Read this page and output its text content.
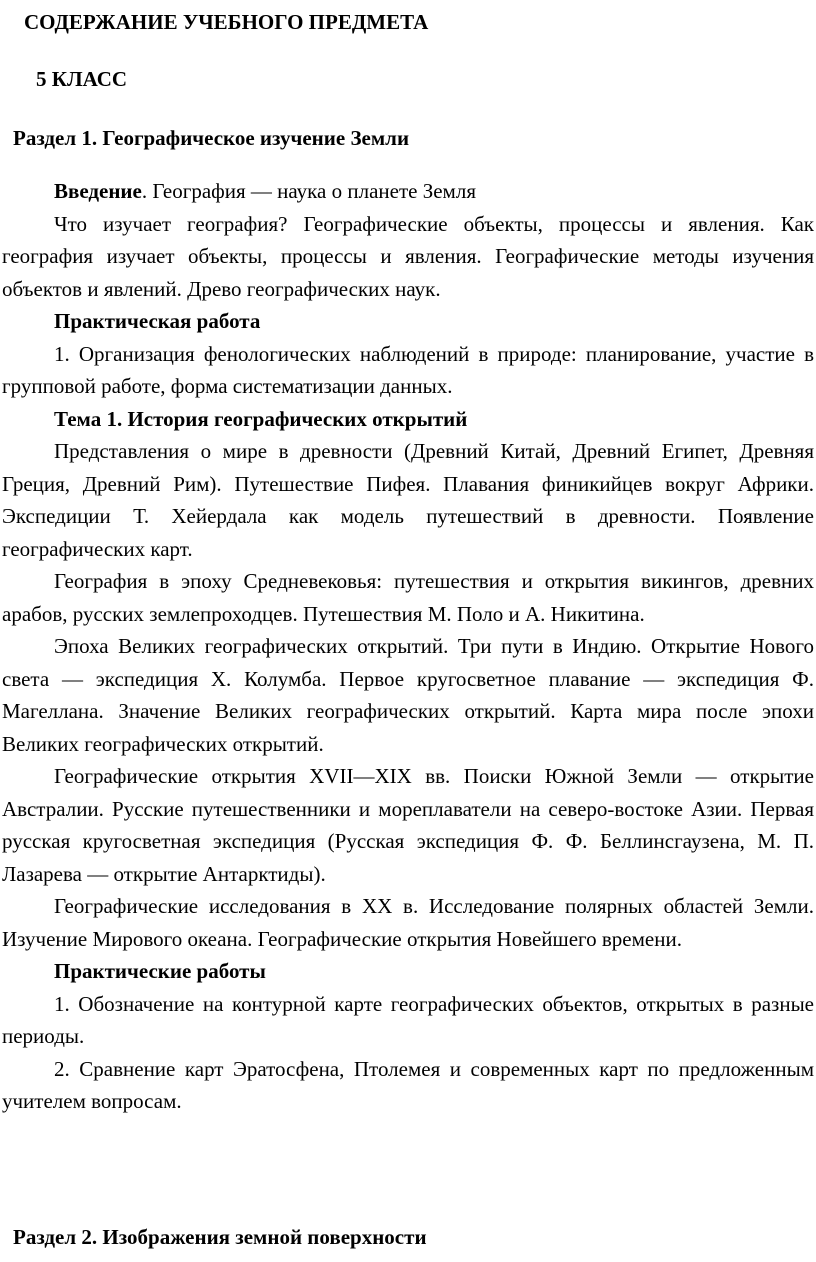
СОДЕРЖАНИЕ УЧЕБНОГО ПРЕДМЕТА
5 КЛАСС
Раздел 1. Географическое изучение Земли

Введение. География — наука о планете Земля

Что изучает география? Географические объекты, процессы и явления. Как география изучает объекты, процессы и явления. Географические методы изучения объектов и явлений. Древо географических наук.

Практическая работа

1. Организация фенологических наблюдений в природе: планирование, участие в групповой работе, форма систематизации данных.

Тема 1. История географических открытий

Представления о мире в древности (Древний Китай, Древний Египет, Древняя Греция, Древний Рим). Путешествие Пифея. Плавания финикийцев вокруг Африки. Экспедиции Т. Хейердала как модель путешествий в древности. Появление географических карт.

География в эпоху Средневековья: путешествия и открытия викингов, древних арабов, русских землепроходцев. Путешествия М. Поло и А. Никитина.

Эпоха Великих географических открытий. Три пути в Индию. Открытие Нового света — экспедиция Х. Колумба. Первое кругосветное плавание — экспедиция Ф. Магеллана. Значение Великих географических открытий. Карта мира после эпохи Великих географических открытий.

Географические открытия XVII—XIX вв. Поиски Южной Земли — открытие Австралии. Русские путешественники и мореплаватели на северо-востоке Азии. Первая русская кругосветная экспедиция (Русская экспедиция Ф. Ф. Беллинсгаузена, М. П. Лазарева — открытие Антарктиды).

Географические исследования в ХХ в. Исследование полярных областей Земли. Изучение Мирового океана. Географические открытия Новейшего времени.

Практические работы

1. Обозначение на контурной карте географических объектов, открытых в разные периоды.

2. Сравнение карт Эратосфена, Птолемея и современных карт по предложенным учителем вопросам.

Раздел 2. Изображения земной поверхности
